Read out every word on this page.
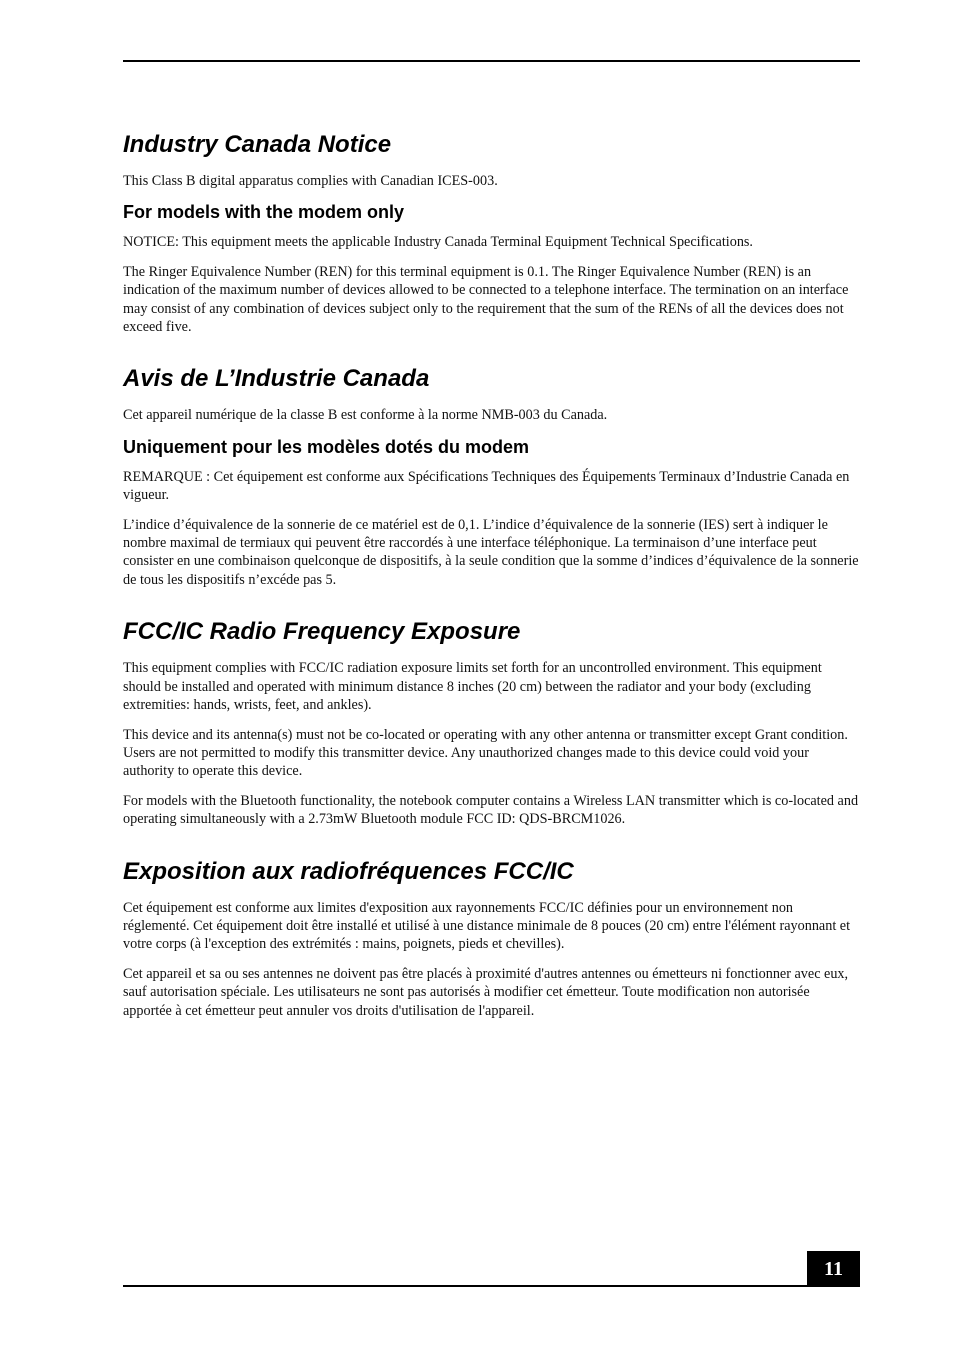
Industry Canada Notice

This Class B digital apparatus complies with Canadian ICES-003.

For models with the modem only

NOTICE: This equipment meets the applicable Industry Canada Terminal Equipment Technical Specifications.

The Ringer Equivalence Number (REN) for this terminal equipment is 0.1. The Ringer Equivalence Number (REN) is an indication of the maximum number of devices allowed to be connected to a telephone interface. The termination on an interface may consist of any combination of devices subject only to the requirement that the sum of the RENs of all the devices does not exceed five.

Avis de L’Industrie Canada

Cet appareil numérique de la classe B est conforme à la norme NMB-003 du Canada.

Uniquement pour les modèles dotés du modem

REMARQUE : Cet équipement est conforme aux Spécifications Techniques des Équipements Terminaux d’Industrie Canada en vigueur.

L’indice d’équivalence de la sonnerie de ce matériel est de 0,1. L’indice d’équivalence de la sonnerie (IES) sert à indiquer le nombre maximal de termiaux qui peuvent être raccordés à une interface téléphonique. La terminaison d’une interface peut consister en une combinaison quelconque de dispositifs, à la seule condition que la somme d’indices d’équivalence de la sonnerie de tous les dispositifs n’excéde pas 5.

FCC/IC Radio Frequency Exposure

This equipment complies with FCC/IC radiation exposure limits set forth for an uncontrolled environment. This equipment should be installed and operated with minimum distance 8 inches (20 cm) between the radiator and your body (excluding extremities: hands, wrists, feet, and ankles).

This device and its antenna(s) must not be co-located or operating with any other antenna or transmitter except Grant condition. Users are not permitted to modify this transmitter device. Any unauthorized changes made to this device could void your authority to operate this device.

For models with the Bluetooth functionality, the notebook computer contains a Wireless LAN transmitter which is co-located and operating simultaneously with a 2.73mW Bluetooth module FCC ID: QDS-BRCM1026.

Exposition aux radiofréquences FCC/IC

Cet équipement est conforme aux limites d'exposition aux rayonnements FCC/IC définies pour un environnement non réglementé. Cet équipement doit être installé et utilisé à une distance minimale de 8 pouces (20 cm) entre l'élément rayonnant et votre corps (à l'exception des extrémités : mains, poignets, pieds et chevilles).

Cet appareil et sa ou ses antennes ne doivent pas être placés à proximité d'autres antennes ou émetteurs ni fonctionner avec eux, sauf autorisation spéciale. Les utilisateurs ne sont pas autorisés à modifier cet émetteur. Toute modification non autorisée apportée à cet émetteur peut annuler vos droits d'utilisation de l'appareil.

11
